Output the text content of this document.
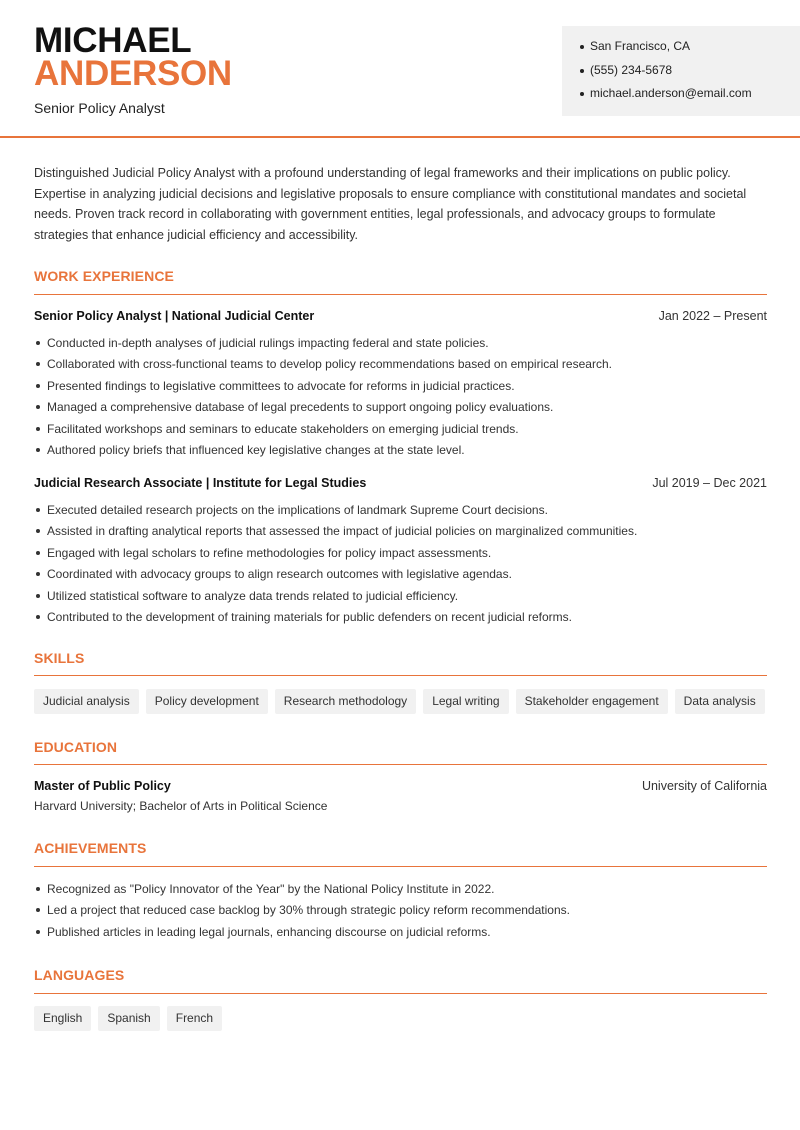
MICHAEL
ANDERSON
Senior Policy Analyst
San Francisco, CA
(555) 234-5678
michael.anderson@email.com

Distinguished Judicial Policy Analyst with a profound understanding of legal frameworks and their implications on public policy. Expertise in analyzing judicial decisions and legislative proposals to ensure compliance with constitutional mandates and societal needs. Proven track record in collaborating with government entities, legal professionals, and advocacy groups to formulate strategies that enhance judicial efficiency and accessibility.

WORK EXPERIENCE
Senior Policy Analyst | National Judicial Center	Jan 2022 – Present
Conducted in-depth analyses of judicial rulings impacting federal and state policies.
Collaborated with cross-functional teams to develop policy recommendations based on empirical research.
Presented findings to legislative committees to advocate for reforms in judicial practices.
Managed a comprehensive database of legal precedents to support ongoing policy evaluations.
Facilitated workshops and seminars to educate stakeholders on emerging judicial trends.
Authored policy briefs that influenced key legislative changes at the state level.
Judicial Research Associate | Institute for Legal Studies	Jul 2019 – Dec 2021
Executed detailed research projects on the implications of landmark Supreme Court decisions.
Assisted in drafting analytical reports that assessed the impact of judicial policies on marginalized communities.
Engaged with legal scholars to refine methodologies for policy impact assessments.
Coordinated with advocacy groups to align research outcomes with legislative agendas.
Utilized statistical software to analyze data trends related to judicial efficiency.
Contributed to the development of training materials for public defenders on recent judicial reforms.
SKILLS
Judicial analysis	Policy development	Research methodology	Legal writing	Stakeholder engagement	Data analysis
EDUCATION
Master of Public Policy	University of California
Harvard University; Bachelor of Arts in Political Science
ACHIEVEMENTS
Recognized as "Policy Innovator of the Year" by the National Policy Institute in 2022.
Led a project that reduced case backlog by 30% through strategic policy reform recommendations.
Published articles in leading legal journals, enhancing discourse on judicial reforms.
LANGUAGES
English	Spanish	French
